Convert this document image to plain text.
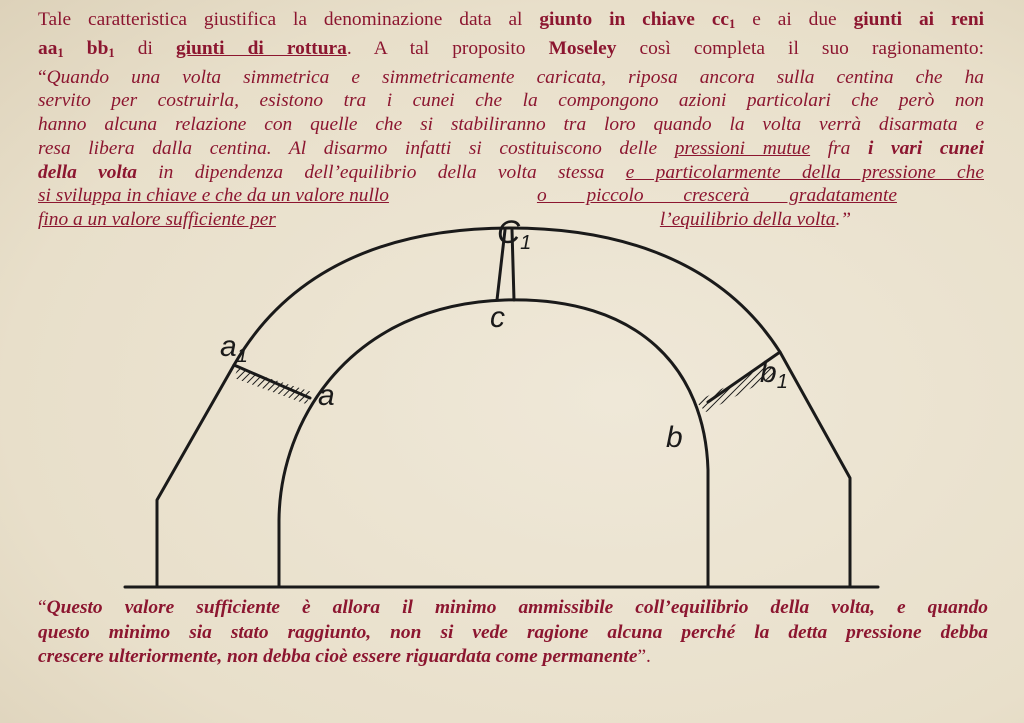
Tale caratteristica giustifica la denominazione data al giunto in chiave $cc_1$ e ai due giunti ai reni
$aa_1$ $bb_1$ di giunti di rottura. A tal proposito Moseley così completa il suo ragionamento:
“Quando una volta simmetrica e simmetricamente caricata, riposa ancora sulla centina che ha
servito per costruirla, esistono tra i cunei che la compongono azioni particolari che però non
hanno alcuna relazione con quelle che si stabiliranno tra loro quando la volta verrà disarmata e
resa libera dalla centina. Al disarmo infatti si costituiscono delle pressioni mutue fra i vari cunei
della volta in dipendenza dell’equilibrio della volta stessa e particolarmente della pressione che
si sviluppa in chiave e che da un valore nullo	o piccolo crescerà gradatamente
fino a un valore sufficiente per	l’equilibrio della volta.”
C1
c
$a_1$
a
$b_1$
b
“Questo valore sufficiente è allora il minimo ammissibile coll’equilibrio della volta, e quando
questo minimo sia stato raggiunto, non si vede ragione alcuna perché la detta pressione debba
crescere ulteriormente, non debba cioè essere riguardata come permanente”.
